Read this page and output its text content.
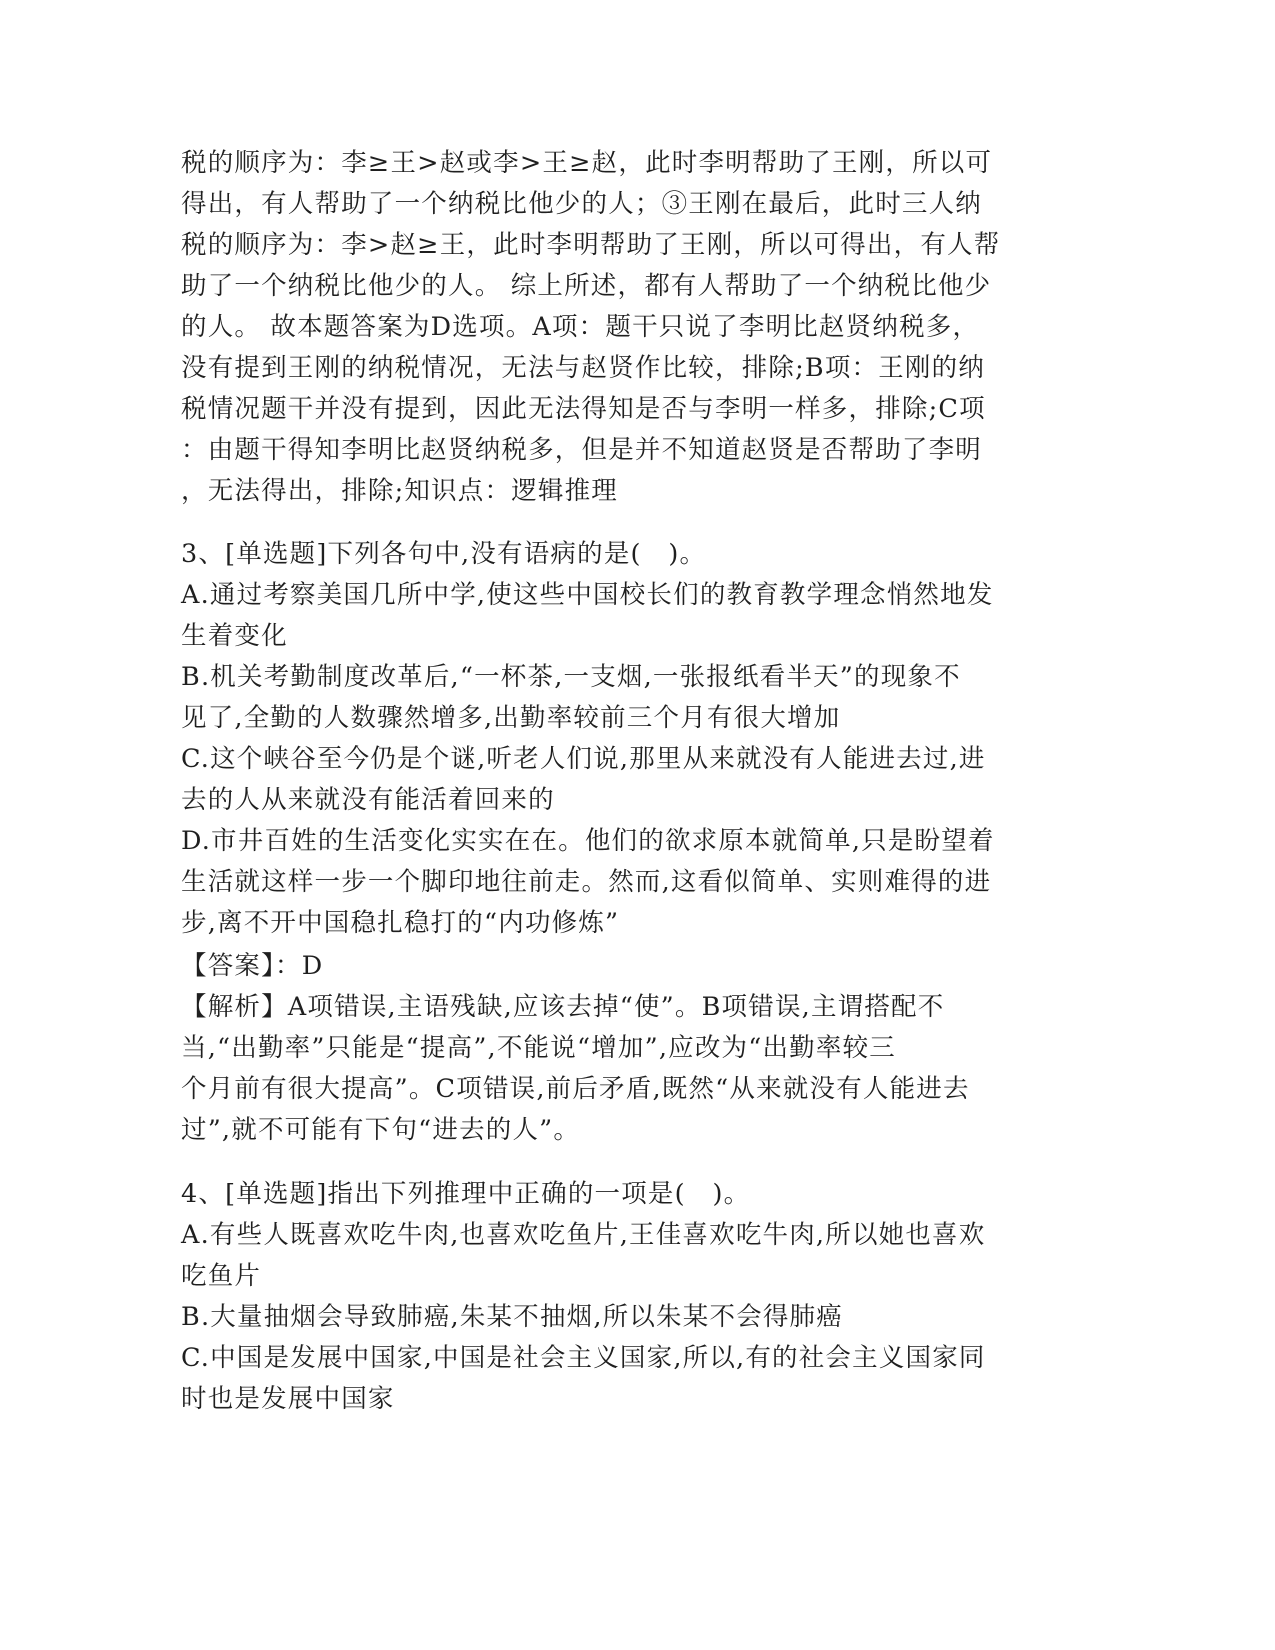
税的顺序为：李≥王>赵或李>王≥赵，此时李明帮助了王刚，所以可
得出，有人帮助了一个纳税比他少的人；③王刚在最后，此时三人纳
税的顺序为：李>赵≥王，此时李明帮助了王刚，所以可得出，有人帮
助了一个纳税比他少的人。 综上所述，都有人帮助了一个纳税比他少
的人。 故本题答案为D选项。A项：题干只说了李明比赵贤纳税多，
没有提到王刚的纳税情况，无法与赵贤作比较，排除;B项：王刚的纳
税情况题干并没有提到，因此无法得知是否与李明一样多，排除;C项
：由题干得知李明比赵贤纳税多，但是并不知道赵贤是否帮助了李明
，无法得出，排除;知识点：逻辑推理
3、[单选题]下列各句中,没有语病的是(　)。
A.通过考察美国几所中学,使这些中国校长们的教育教学理念悄然地发
生着变化
B.机关考勤制度改革后,“一杯茶,一支烟,一张报纸看半天”的现象不
见了,全勤的人数骤然增多,出勤率较前三个月有很大增加
C.这个峡谷至今仍是个谜,听老人们说,那里从来就没有人能进去过,进
去的人从来就没有能活着回来的
D.市井百姓的生活变化实实在在。他们的欲求原本就简单,只是盼望着
生活就这样一步一个脚印地往前走。然而,这看似简单、实则难得的进
步,离不开中国稳扎稳打的“内功修炼”
【答案】：D
【解析】A项错误,主语残缺,应该去掉“使”。B项错误,主谓搭配不
当,“出勤率”只能是“提高”,不能说“增加”,应改为“出勤率较三
个月前有很大提高”。C项错误,前后矛盾,既然“从来就没有人能进去
过”,就不可能有下句“进去的人”。
4、[单选题]指出下列推理中正确的一项是(　)。
A.有些人既喜欢吃牛肉,也喜欢吃鱼片,王佳喜欢吃牛肉,所以她也喜欢
吃鱼片
B.大量抽烟会导致肺癌,朱某不抽烟,所以朱某不会得肺癌
C.中国是发展中国家,中国是社会主义国家,所以,有的社会主义国家同
时也是发展中国家
